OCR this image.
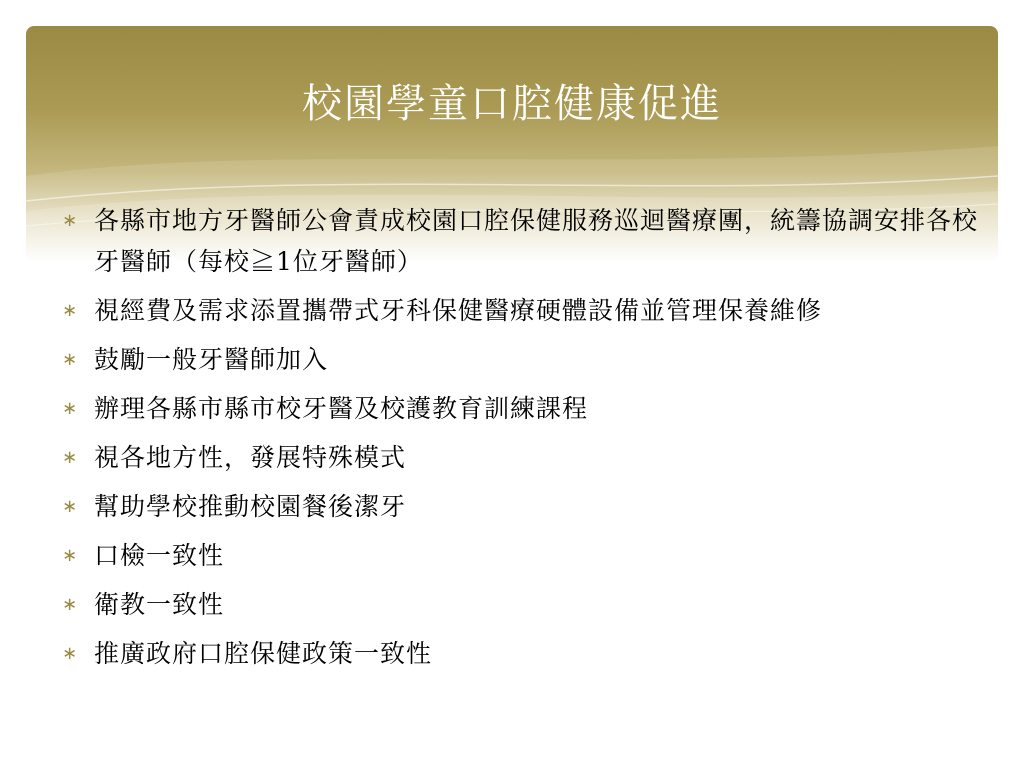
校園學童口腔健康促進
∗ 各縣市地方牙醫師公會責成校園口腔保健服務巡迴醫療團，統籌協調安排各校牙醫師（每校≧1位牙醫師）
∗ 視經費及需求添置攜帶式牙科保健醫療硬體設備並管理保養維修
∗ 鼓勵一般牙醫師加入
∗ 辦理各縣市縣市校牙醫及校護教育訓練課程
∗ 視各地方性，發展特殊模式
∗ 幫助學校推動校園餐後潔牙
∗ 口檢一致性
∗ 衛教一致性
∗ 推廣政府口腔保健政策一致性
